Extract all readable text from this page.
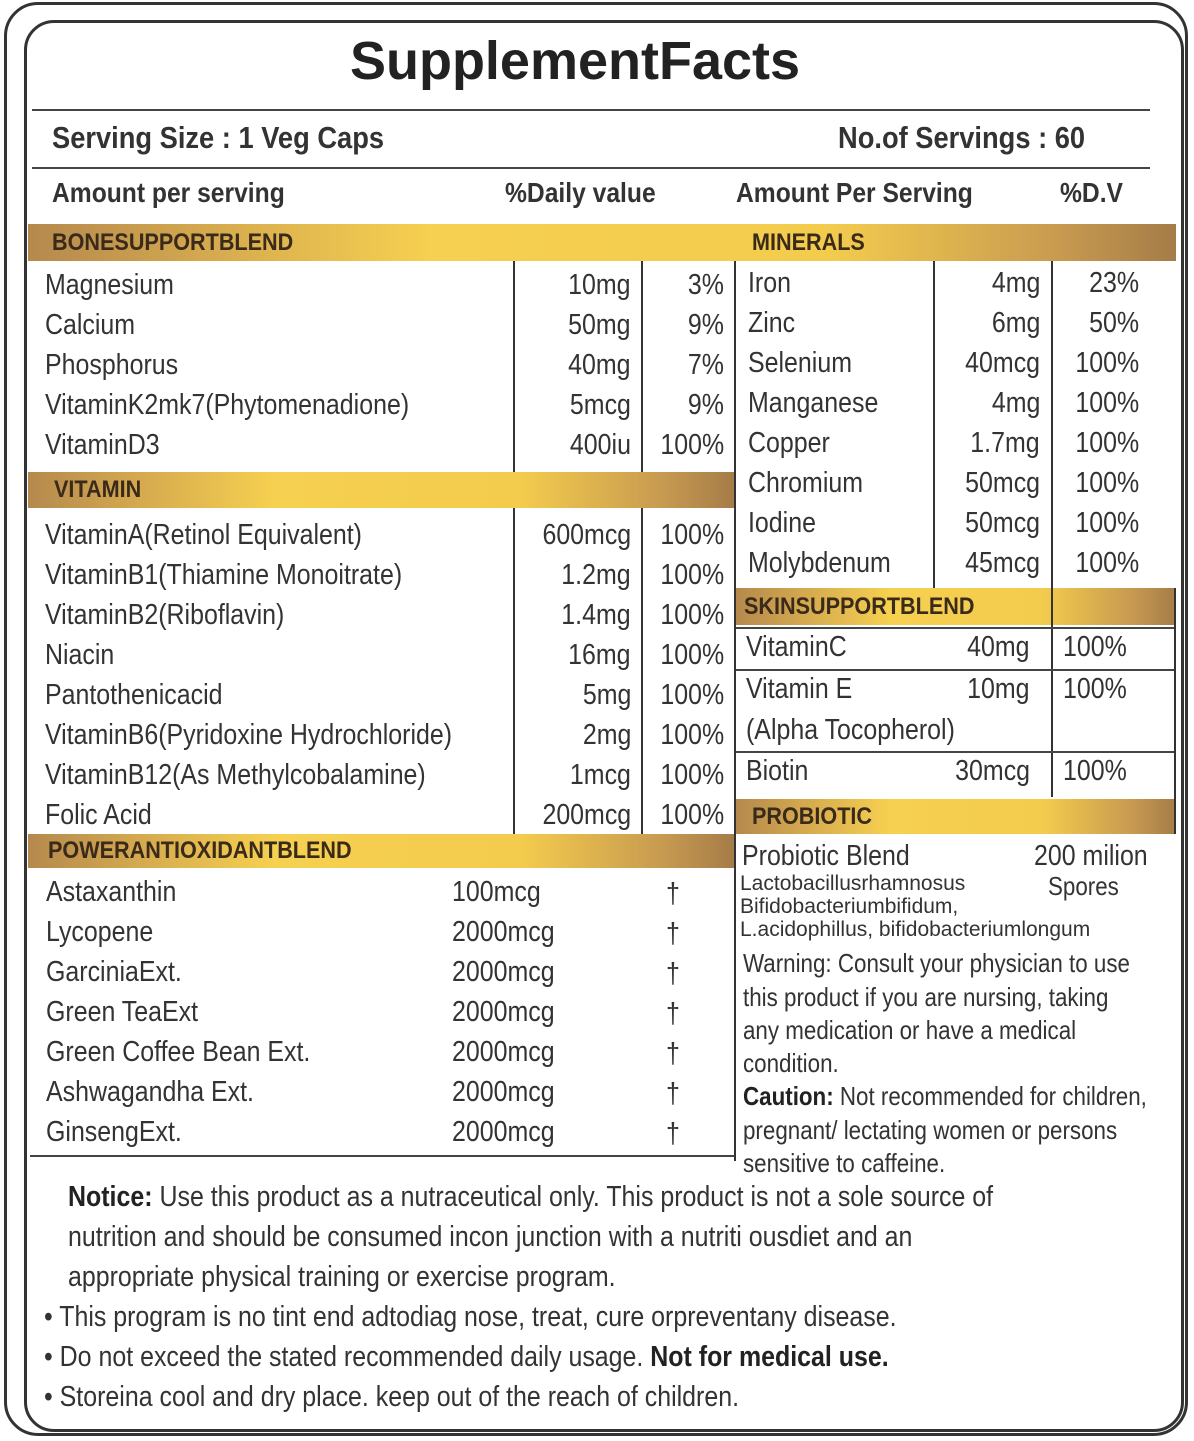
SupplementFacts
Serving Size : 1 Veg Caps	No.of Servings : 60
Amount per serving	%Daily value	Amount Per Serving	%D.V
BONESUPPORTBLEND	MINERALS
VITAMIN
POWERANTIOXIDANTBLEND
SKINSUPPORTBLEND
PROBIOTIC
Magnesium	10mg 3%
Calcium	50mg 9%
Phosphorus	40mg 7%
VitaminK2mk7(Phytomenadione)	5mcg 9%
VitaminD3	400iu 100%
VitaminA(Retinol Equivalent)	600mcg 100%
VitaminB1(Thiamine Monoitrate)	1.2mg 100%
VitaminB2(Riboflavin)	1.4mg 100%
Niacin	16mg 100%
Pantothenicacid	5mg 100%
VitaminB6(Pyridoxine Hydrochloride)	2mg 100%
VitaminB12(As Methylcobalamine)	1mcg 100%
Folic Acid	200mcg 100%
Astaxanthin	100mcg	†
Lycopene	2000mcg	†
GarciniaExt.	2000mcg	†
Green TeaExt	2000mcg	†
Green Coffee Bean Ext.	2000mcg	†
Ashwagandha Ext.	2000mcg	†
GinsengExt.	2000mcg	†
Iron	4mg 23%
Zinc	6mg 50%
Selenium	40mcg 100%
Manganese	4mg 100%
Copper	1.7mg 100%
Chromium	50mcg 100%
Iodine	50mcg 100%
Molybdenum	45mcg 100%
VitaminC	40mg 100%
Vitamin E	10mg 100%
(Alpha Tocopherol)
Biotin	30mcg 100%
Probiotic Blend	200 milion
Spores
Lactobacillusrhamnosus
Bifidobacteriumbifidum,
L.acidophillus, bifidobacteriumlongum
Warning: Consult your physician to use
this product if you are nursing, taking
any medication or have a medical
condition.
Caution: Not recommended for children,
pregnant/ lectating women or persons
sensitive to caffeine.
Notice: Use this product as a nutraceutical only. This product is not a sole source of
nutrition and should be consumed incon junction with a nutriti ousdiet and an
appropriate physical training or exercise program.
• This program is no tint end adtodiag nose, treat, cure orpreventany disease.
• Do not exceed the stated recommended daily usage. Not for medical use.
• Storeina cool and dry place. keep out of the reach of children.
